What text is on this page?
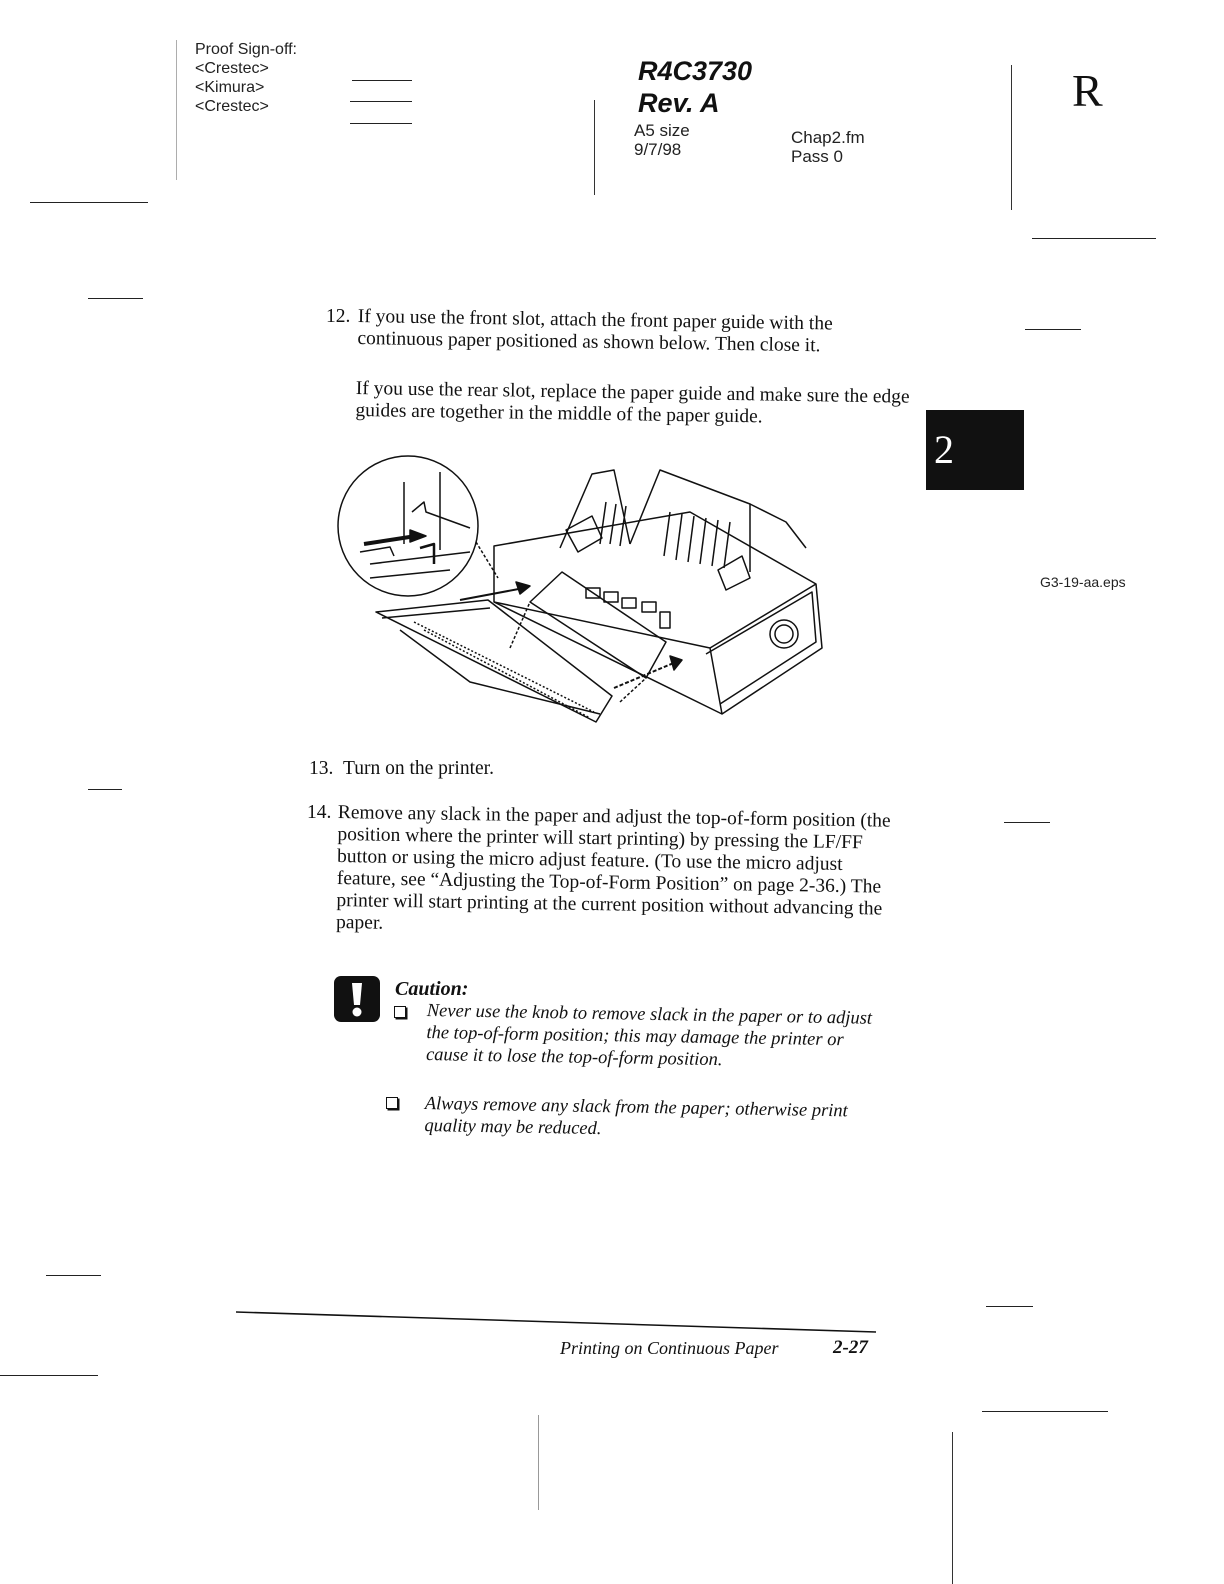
Proof Sign-off:
<Crestec>
<Kimura>
<Crestec>
R4C3730
Rev. A
A5 size
9/7/98
Chap2.fm
Pass 0
R
2
12. If you use the front slot, attach the front paper guide with the continuous paper positioned as shown below. Then close it.
If you use the rear slot, replace the paper guide and make sure the edge guides are together in the middle of the paper guide.
G3-19-aa.eps
13. Turn on the printer.
14. Remove any slack in the paper and adjust the top-of-form position (the position where the printer will start printing) by pressing the LF/FF button or using the micro adjust feature. (To use the micro adjust feature, see “Adjusting the Top-of-Form Position” on page 2-36.) The printer will start printing at the current position without advancing the paper.
Caution:
Never use the knob to remove slack in the paper or to adjust the top-of-form position; this may damage the printer or cause it to lose the top-of-form position.
Always remove any slack from the paper; otherwise print quality may be reduced.
Printing on Continuous Paper	2-27
